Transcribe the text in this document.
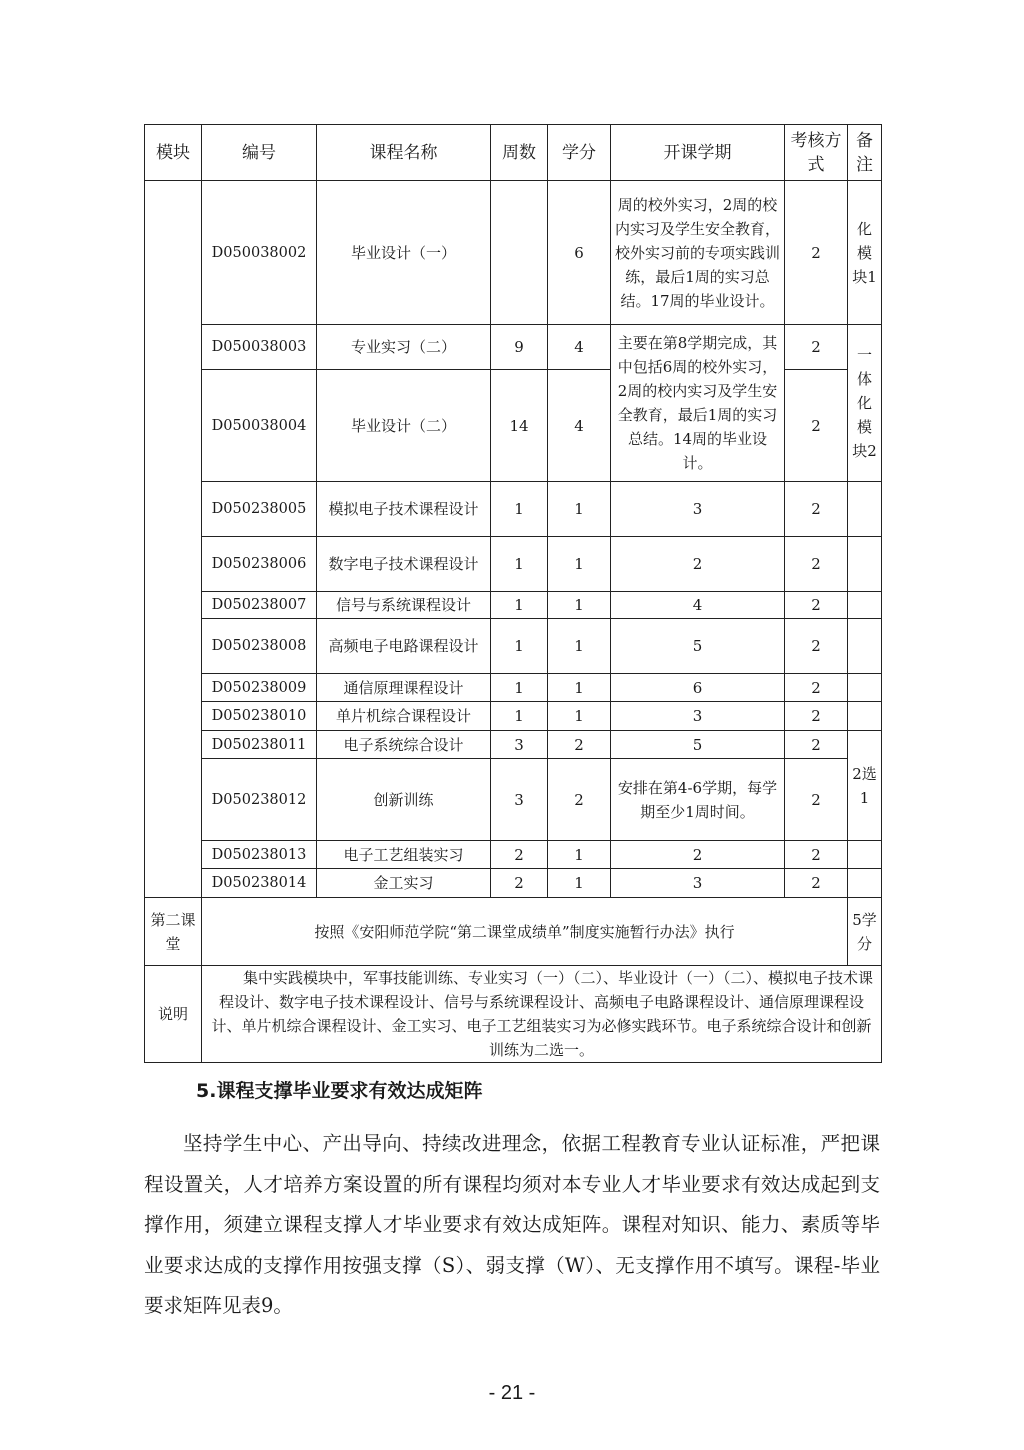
模块	编号	课程名称	周数	学分	开课学期	考核方式	备注
	D050038002	毕业设计（一）		6	周的校外实习，2周的校内实习及学生安全教育，校外实习前的专项实践训练，最后1周的实习总结。17周的毕业设计。	2	化模块1
	D050038003	专业实习（二）	9	4	主要在第8学期完成，其中包括6周的校外实习，2周的校内实习及学生安全教育，最后1周的实习总结。14周的毕业设计。	2	一体化模块2
	D050038004	毕业设计（二）	14	4		2	
	D050238005	模拟电子技术课程设计	1	1	3	2	
	D050238006	数字电子技术课程设计	1	1	2	2	
	D050238007	信号与系统课程设计	1	1	4	2	
	D050238008	高频电子电路课程设计	1	1	5	2	
	D050238009	通信原理课程设计	1	1	6	2	
	D050238010	单片机综合课程设计	1	1	3	2	
	D050238011	电子系统综合设计	3	2	5	2	2选1
	D050238012	创新训练	3	2	安排在第4-6学期，每学期至少1周时间。	2	
	D050238013	电子工艺组装实习	2	1	2	2	
	D050238014	金工实习	2	1	3	2	
第二课堂	按照《安阳师范学院“第二课堂成绩单”制度实施暂行办法》执行						5学分
说明	集中实践模块中，军事技能训练、专业实习（一）（二）、毕业设计（一）（二）、模拟电子技术课程设计、数字电子技术课程设计、信号与系统课程设计、高频电子电路课程设计、通信原理课程设计、单片机综合课程设计、金工实习、电子工艺组装实习为必修实践环节。电子系统综合设计和创新训练为二选一。						
5.课程支撑毕业要求有效达成矩阵
坚持学生中心、产出导向、持续改进理念，依据工程教育专业认证标准，严把课程设置关，人才培养方案设置的所有课程均须对本专业人才毕业要求有效达成起到支撑作用，须建立课程支撑人才毕业要求有效达成矩阵。课程对知识、能力、素质等毕业要求达成的支撑作用按强支撑（S）、弱支撑（W）、无支撑作用不填写。课程-毕业要求矩阵见表9。
- 21 -
